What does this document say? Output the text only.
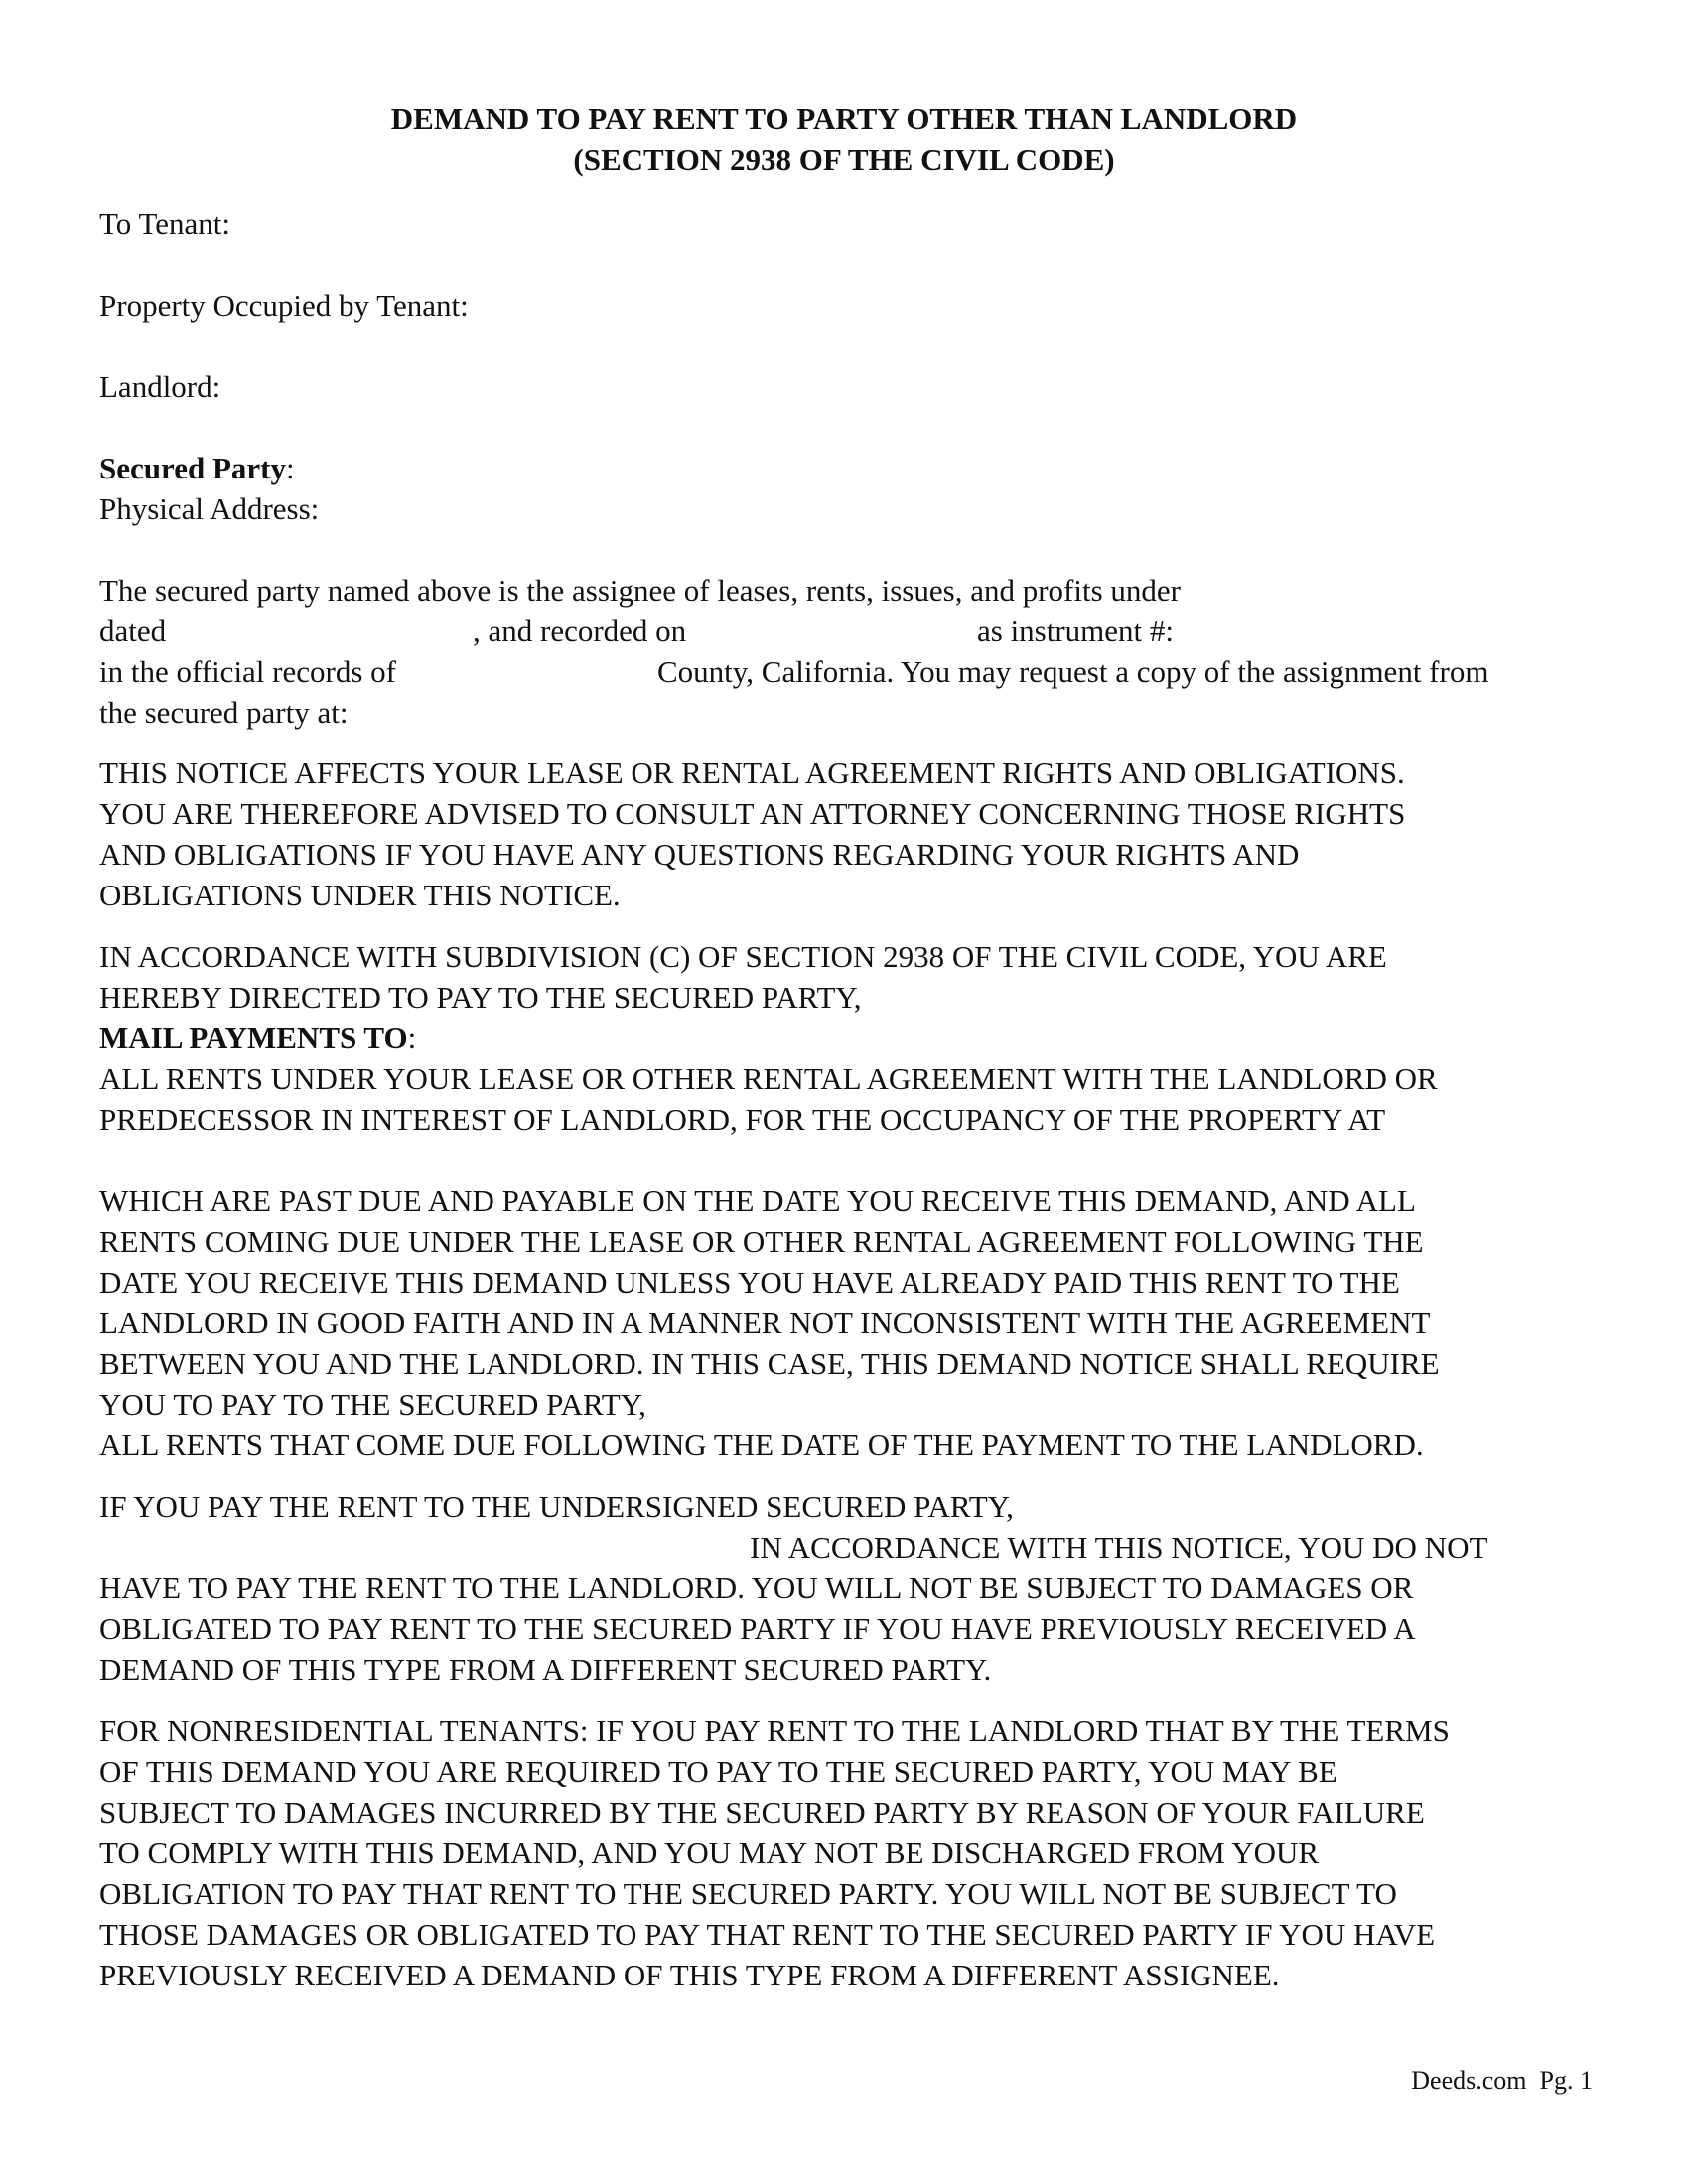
DEMAND TO PAY RENT TO PARTY OTHER THAN LANDLORD
(SECTION 2938 OF THE CIVIL CODE)
To Tenant:
Property Occupied by Tenant:
Landlord:
Secured Party:
Physical Address:
The secured party named above is the assignee of leases, rents, issues, and profits under
dated	, and recorded on	as instrument #:
in the official records of	County, California. You may request a copy of the assignment from
the secured party at:
THIS NOTICE AFFECTS YOUR LEASE OR RENTAL AGREEMENT RIGHTS AND OBLIGATIONS.
YOU ARE THEREFORE ADVISED TO CONSULT AN ATTORNEY CONCERNING THOSE RIGHTS
AND OBLIGATIONS IF YOU HAVE ANY QUESTIONS REGARDING YOUR RIGHTS AND
OBLIGATIONS UNDER THIS NOTICE.
IN ACCORDANCE WITH SUBDIVISION (C) OF SECTION 2938 OF THE CIVIL CODE, YOU ARE
HEREBY DIRECTED TO PAY TO THE SECURED PARTY,
MAIL PAYMENTS TO:
ALL RENTS UNDER YOUR LEASE OR OTHER RENTAL AGREEMENT WITH THE LANDLORD OR
PREDECESSOR IN INTEREST OF LANDLORD, FOR THE OCCUPANCY OF THE PROPERTY AT
WHICH ARE PAST DUE AND PAYABLE ON THE DATE YOU RECEIVE THIS DEMAND, AND ALL
RENTS COMING DUE UNDER THE LEASE OR OTHER RENTAL AGREEMENT FOLLOWING THE
DATE YOU RECEIVE THIS DEMAND UNLESS YOU HAVE ALREADY PAID THIS RENT TO THE
LANDLORD IN GOOD FAITH AND IN A MANNER NOT INCONSISTENT WITH THE AGREEMENT
BETWEEN YOU AND THE LANDLORD. IN THIS CASE, THIS DEMAND NOTICE SHALL REQUIRE
YOU TO PAY TO THE SECURED PARTY,
ALL RENTS THAT COME DUE FOLLOWING THE DATE OF THE PAYMENT TO THE LANDLORD.
IF YOU PAY THE RENT TO THE UNDERSIGNED SECURED PARTY,
IN ACCORDANCE WITH THIS NOTICE, YOU DO NOT
HAVE TO PAY THE RENT TO THE LANDLORD. YOU WILL NOT BE SUBJECT TO DAMAGES OR
OBLIGATED TO PAY RENT TO THE SECURED PARTY IF YOU HAVE PREVIOUSLY RECEIVED A
DEMAND OF THIS TYPE FROM A DIFFERENT SECURED PARTY.
FOR NONRESIDENTIAL TENANTS: IF YOU PAY RENT TO THE LANDLORD THAT BY THE TERMS
OF THIS DEMAND YOU ARE REQUIRED TO PAY TO THE SECURED PARTY, YOU MAY BE
SUBJECT TO DAMAGES INCURRED BY THE SECURED PARTY BY REASON OF YOUR FAILURE
TO COMPLY WITH THIS DEMAND, AND YOU MAY NOT BE DISCHARGED FROM YOUR
OBLIGATION TO PAY THAT RENT TO THE SECURED PARTY. YOU WILL NOT BE SUBJECT TO
THOSE DAMAGES OR OBLIGATED TO PAY THAT RENT TO THE SECURED PARTY IF YOU HAVE
PREVIOUSLY RECEIVED A DEMAND OF THIS TYPE FROM A DIFFERENT ASSIGNEE.
Deeds.com Pg. 1
